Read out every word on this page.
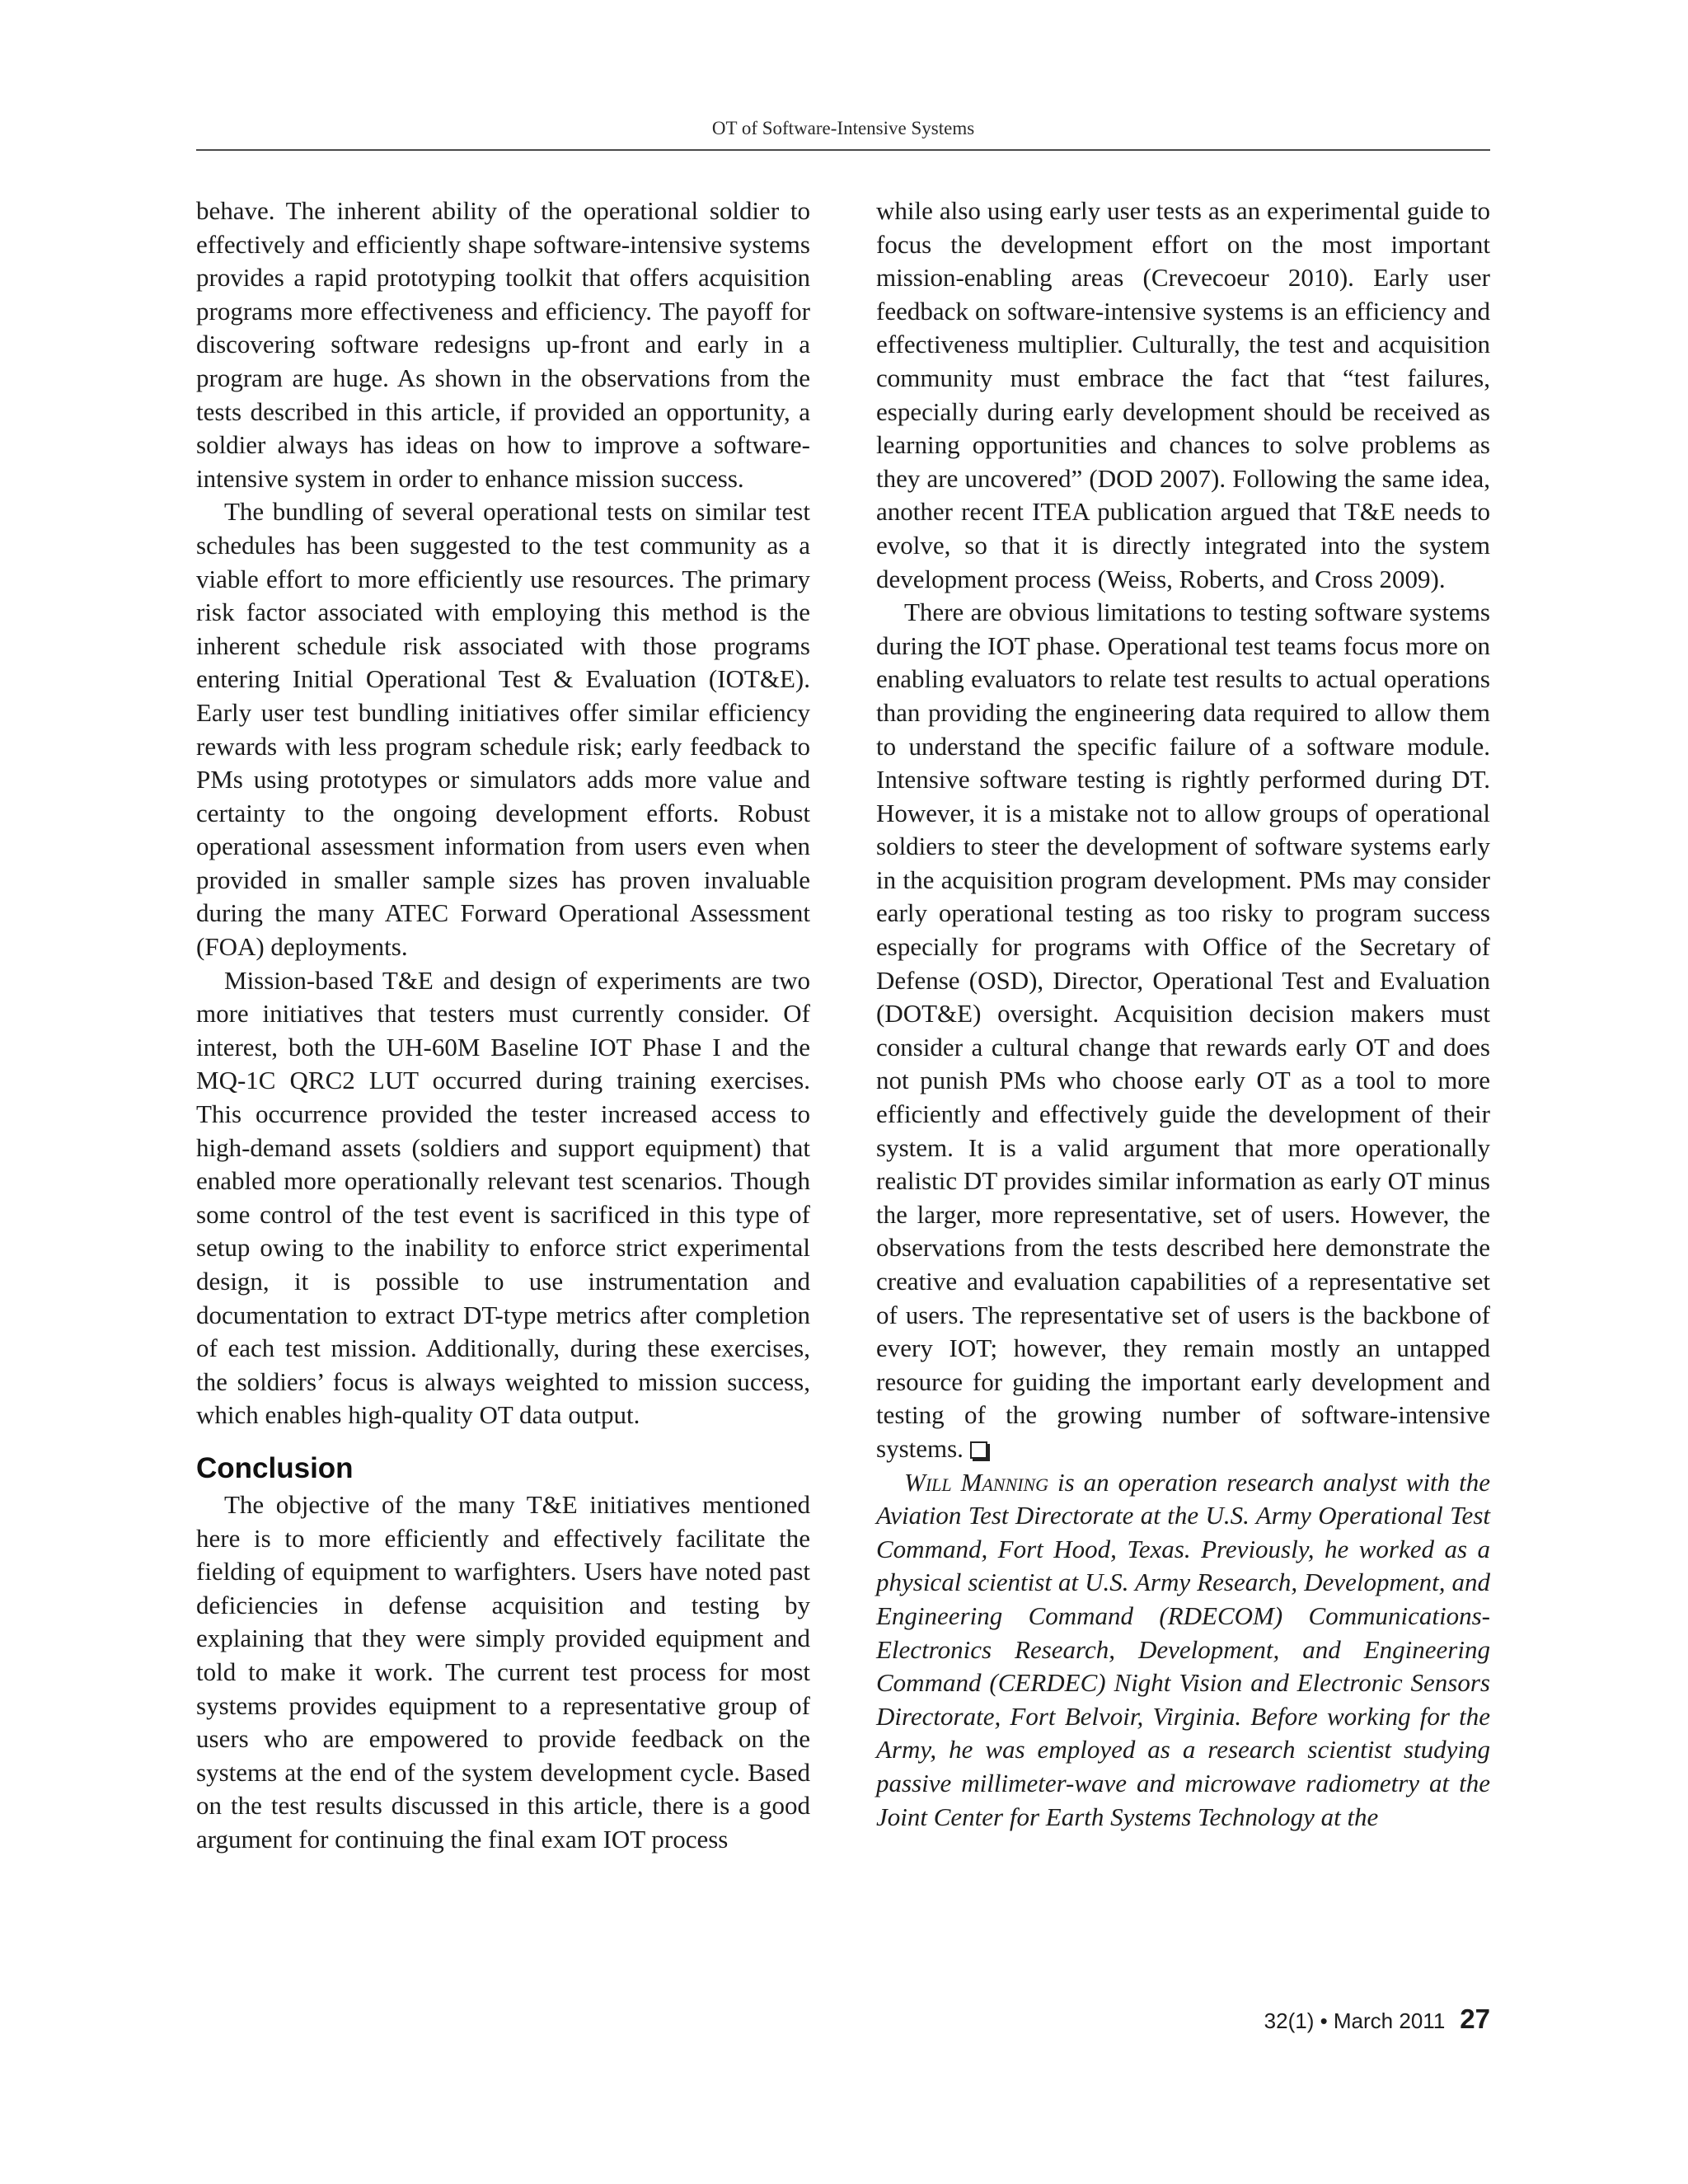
OT of Software-Intensive Systems

behave. The inherent ability of the operational soldier to effectively and efficiently shape software-intensive systems provides a rapid prototyping toolkit that offers acquisition programs more effectiveness and efficiency. The payoff for discovering software redesigns up-front and early in a program are huge. As shown in the observations from the tests described in this article, if provided an opportunity, a soldier always has ideas on how to improve a software-intensive system in order to enhance mission success.

The bundling of several operational tests on similar test schedules has been suggested to the test community as a viable effort to more efficiently use resources. The primary risk factor associated with employing this method is the inherent schedule risk associated with those programs entering Initial Operational Test & Evaluation (IOT&E). Early user test bundling initiatives offer similar efficiency rewards with less program schedule risk; early feedback to PMs using prototypes or simulators adds more value and certainty to the ongoing development efforts. Robust operational assessment information from users even when provided in smaller sample sizes has proven invaluable during the many ATEC Forward Operational Assessment (FOA) deployments.

Mission-based T&E and design of experiments are two more initiatives that testers must currently consider. Of interest, both the UH-60M Baseline IOT Phase I and the MQ-1C QRC2 LUT occurred during training exercises. This occurrence provided the tester increased access to high-demand assets (soldiers and support equipment) that enabled more operationally relevant test scenarios. Though some control of the test event is sacrificed in this type of setup owing to the inability to enforce strict experimental design, it is possible to use instrumentation and documentation to extract DT-type metrics after completion of each test mission. Additionally, during these exercises, the soldiers’ focus is always weighted to mission success, which enables high-quality OT data output.

Conclusion

The objective of the many T&E initiatives mentioned here is to more efficiently and effectively facilitate the fielding of equipment to warfighters. Users have noted past deficiencies in defense acquisition and testing by explaining that they were simply provided equipment and told to make it work. The current test process for most systems provides equipment to a representative group of users who are empowered to provide feedback on the systems at the end of the system development cycle. Based on the test results discussed in this article, there is a good argument for continuing the final exam IOT process

while also using early user tests as an experimental guide to focus the development effort on the most important mission-enabling areas (Crevecoeur 2010). Early user feedback on software-intensive systems is an efficiency and effectiveness multiplier. Culturally, the test and acquisition community must embrace the fact that “test failures, especially during early development should be received as learning opportunities and chances to solve problems as they are uncovered” (DOD 2007). Following the same idea, another recent ITEA publication argued that T&E needs to evolve, so that it is directly integrated into the system development process (Weiss, Roberts, and Cross 2009).

There are obvious limitations to testing software systems during the IOT phase. Operational test teams focus more on enabling evaluators to relate test results to actual operations than providing the engineering data required to allow them to understand the specific failure of a software module. Intensive software testing is rightly performed during DT. However, it is a mistake not to allow groups of operational soldiers to steer the development of software systems early in the acquisition program development. PMs may consider early operational testing as too risky to program success especially for programs with Office of the Secretary of Defense (OSD), Director, Operational Test and Evaluation (DOT&E) oversight. Acquisition decision makers must consider a cultural change that rewards early OT and does not punish PMs who choose early OT as a tool to more efficiently and effectively guide the development of their system. It is a valid argument that more operationally realistic DT provides similar information as early OT minus the larger, more representative, set of users. However, the observations from the tests described here demonstrate the creative and evaluation capabilities of a representative set of users. The representative set of users is the backbone of every IOT; however, they remain mostly an untapped resource for guiding the important early development and testing of the growing number of software-intensive systems.

Will Manning is an operation research analyst with the Aviation Test Directorate at the U.S. Army Operational Test Command, Fort Hood, Texas. Previously, he worked as a physical scientist at U.S. Army Research, Development, and Engineering Command (RDECOM) Communications-Electronics Research, Development, and Engineering Command (CERDEC) Night Vision and Electronic Sensors Directorate, Fort Belvoir, Virginia. Before working for the Army, he was employed as a research scientist studying passive millimeter-wave and microwave radiometry at the Joint Center for Earth Systems Technology at the

32(1) • March 2011 27
